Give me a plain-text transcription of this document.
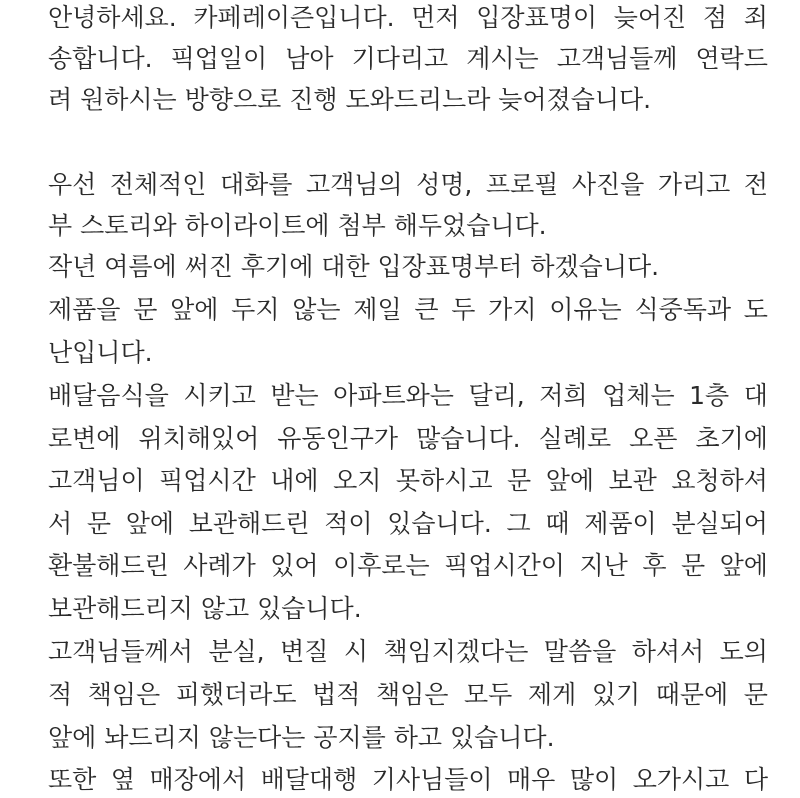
안녕하세요. 카페레이즌입니다. 먼저 입장표명이 늦어진 점 죄
송합니다. 픽업일이 남아 기다리고 계시는 고객님들께 연락드
려 원하시는 방향으로 진행 도와드리느라 늦어졌습니다.
우선 전체적인 대화를 고객님의 성명, 프로필 사진을 가리고 전
부 스토리와 하이라이트에 첨부 해두었습니다.
작년 여름에 써진 후기에 대한 입장표명부터 하겠습니다.
제품을 문 앞에 두지 않는 제일 큰 두 가지 이유는 식중독과 도
난입니다.
배달음식을 시키고 받는 아파트와는 달리, 저희 업체는 1층 대
로변에 위치해있어 유동인구가 많습니다. 실례로 오픈 초기에
고객님이 픽업시간 내에 오지 못하시고 문 앞에 보관 요청하셔
서 문 앞에 보관해드린 적이 있습니다. 그 때 제품이 분실되어
환불해드린 사례가 있어 이후로는 픽업시간이 지난 후 문 앞에
보관해드리지 않고 있습니다.
고객님들께서 분실, 변질 시 책임지겠다는 말씀을 하셔서 도의
적 책임은 피했더라도 법적 책임은 모두 제게 있기 때문에 문
앞에 놔드리지 않는다는 공지를 하고 있습니다.
또한 옆 매장에서 배달대행 기사님들이 매우 많이 오가시고 다
